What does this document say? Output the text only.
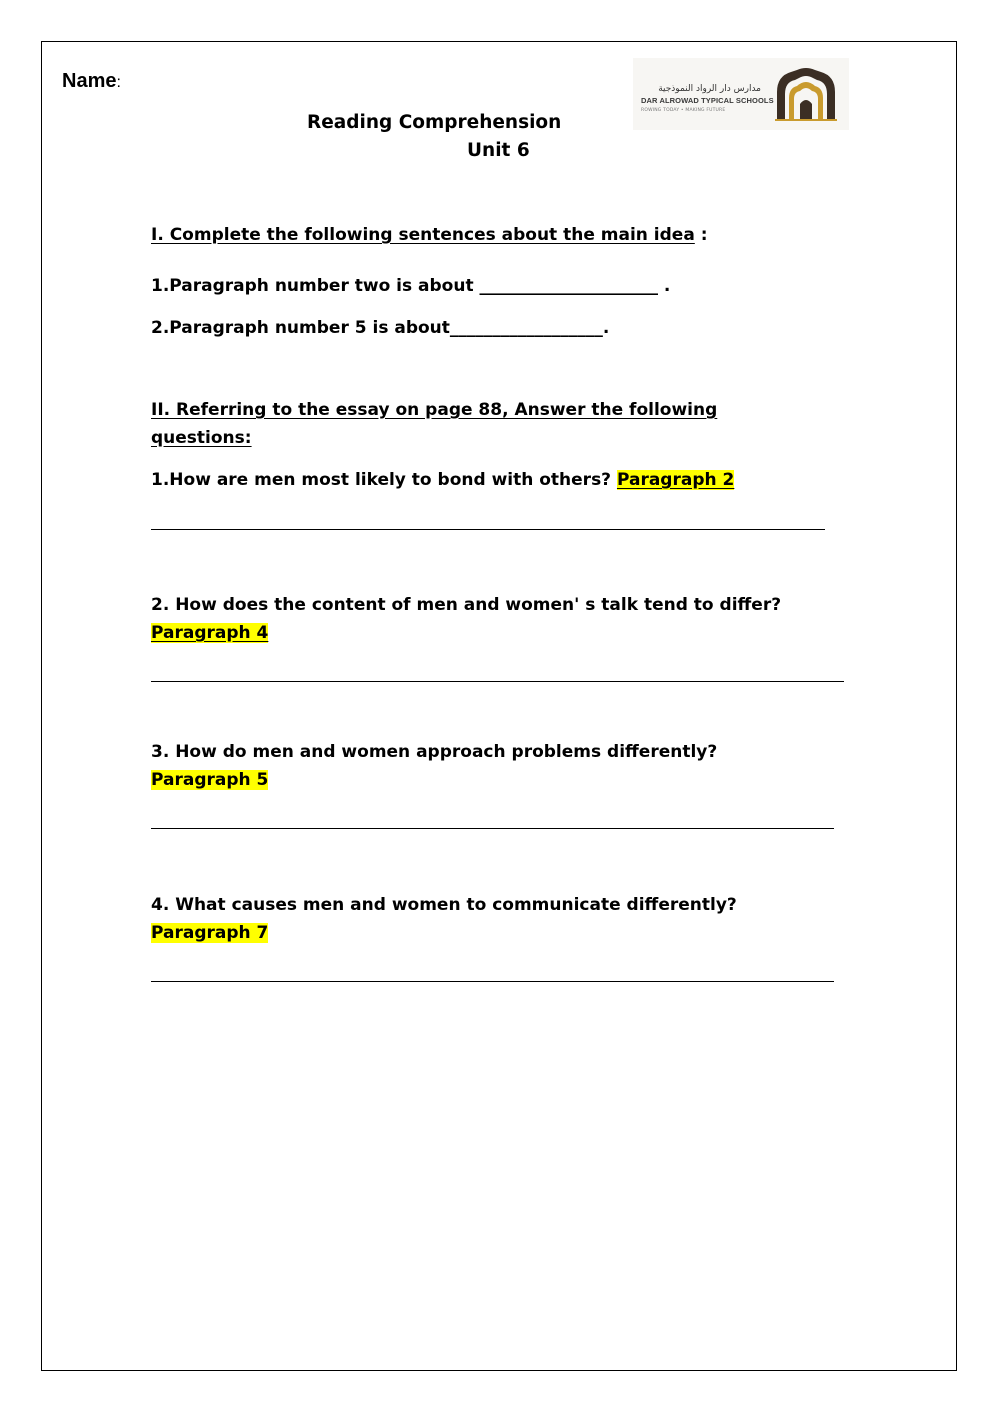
Name:
Reading Comprehension
Unit 6
مدارس دار الرواد النموذجية
DAR ALROWAD TYPICAL SCHOOLS
ROWING TODAY • MAKING FUTURE
I. Complete the following sentences about the main idea :
1.Paragraph number two is about _____________________ .
2.Paragraph number 5 is about__________________.
II. Referring to the essay on page 88, Answer the following
questions:
1.How are men most likely to bond with others? Paragraph 2
2. How does the content of men and women' s talk tend to differ?
Paragraph 4
3. How do men and women approach problems differently?
Paragraph 5
4. What causes men and women to communicate differently?
Paragraph 7
